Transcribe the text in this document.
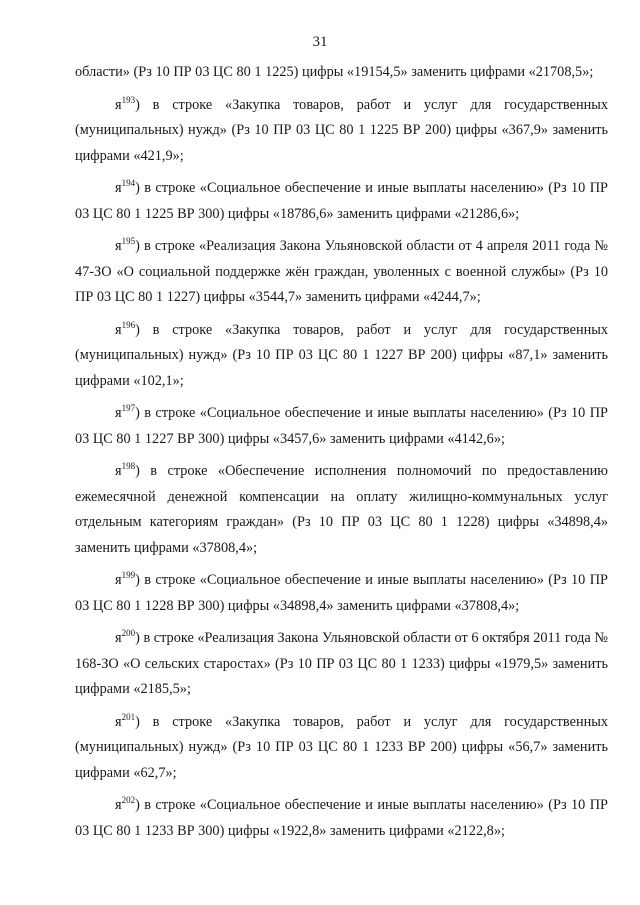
31

области» (Рз 10 ПР 03 ЦС 80 1 1225) цифры «19154,5» заменить цифрами «21708,5»;

$я^{193}$) в строке «Закупка товаров, работ и услуг для государственных (муниципальных) нужд» (Рз 10 ПР 03 ЦС 80 1 1225 ВР 200) цифры «367,9» заменить цифрами «421,9»;

$я^{194}$) в строке «Социальное обеспечение и иные выплаты населению» (Рз 10 ПР 03 ЦС 80 1 1225 ВР 300) цифры «18786,6» заменить цифрами «21286,6»;

$я^{195}$) в строке «Реализация Закона Ульяновской области от 4 апреля 2011 года № 47-ЗО «О социальной поддержке жён граждан, уволенных с военной службы» (Рз 10 ПР 03 ЦС 80 1 1227) цифры «3544,7» заменить цифрами «4244,7»;

$я^{196}$) в строке «Закупка товаров, работ и услуг для государственных (муниципальных) нужд» (Рз 10 ПР 03 ЦС 80 1 1227 ВР 200) цифры «87,1» заменить цифрами «102,1»;

$я^{197}$) в строке «Социальное обеспечение и иные выплаты населению» (Рз 10 ПР 03 ЦС 80 1 1227 ВР 300) цифры «3457,6» заменить цифрами «4142,6»;

$я^{198}$) в строке «Обеспечение исполнения полномочий по предоставлению ежемесячной денежной компенсации на оплату жилищно-коммунальных услуг отдельным категориям граждан» (Рз 10 ПР 03 ЦС 80 1 1228) цифры «34898,4» заменить цифрами «37808,4»;

$я^{199}$) в строке «Социальное обеспечение и иные выплаты населению» (Рз 10 ПР 03 ЦС 80 1 1228 ВР 300) цифры «34898,4» заменить цифрами «37808,4»;

$я^{200}$) в строке «Реализация Закона Ульяновской области от 6 октября 2011 года № 168-ЗО «О сельских старостах» (Рз 10 ПР 03 ЦС 80 1 1233) цифры «1979,5» заменить цифрами «2185,5»;

$я^{201}$) в строке «Закупка товаров, работ и услуг для государственных (муниципальных) нужд» (Рз 10 ПР 03 ЦС 80 1 1233 ВР 200) цифры «56,7» заменить цифрами «62,7»;

$я^{202}$) в строке «Социальное обеспечение и иные выплаты населению» (Рз 10 ПР 03 ЦС 80 1 1233 ВР 300) цифры «1922,8» заменить цифрами «2122,8»;
